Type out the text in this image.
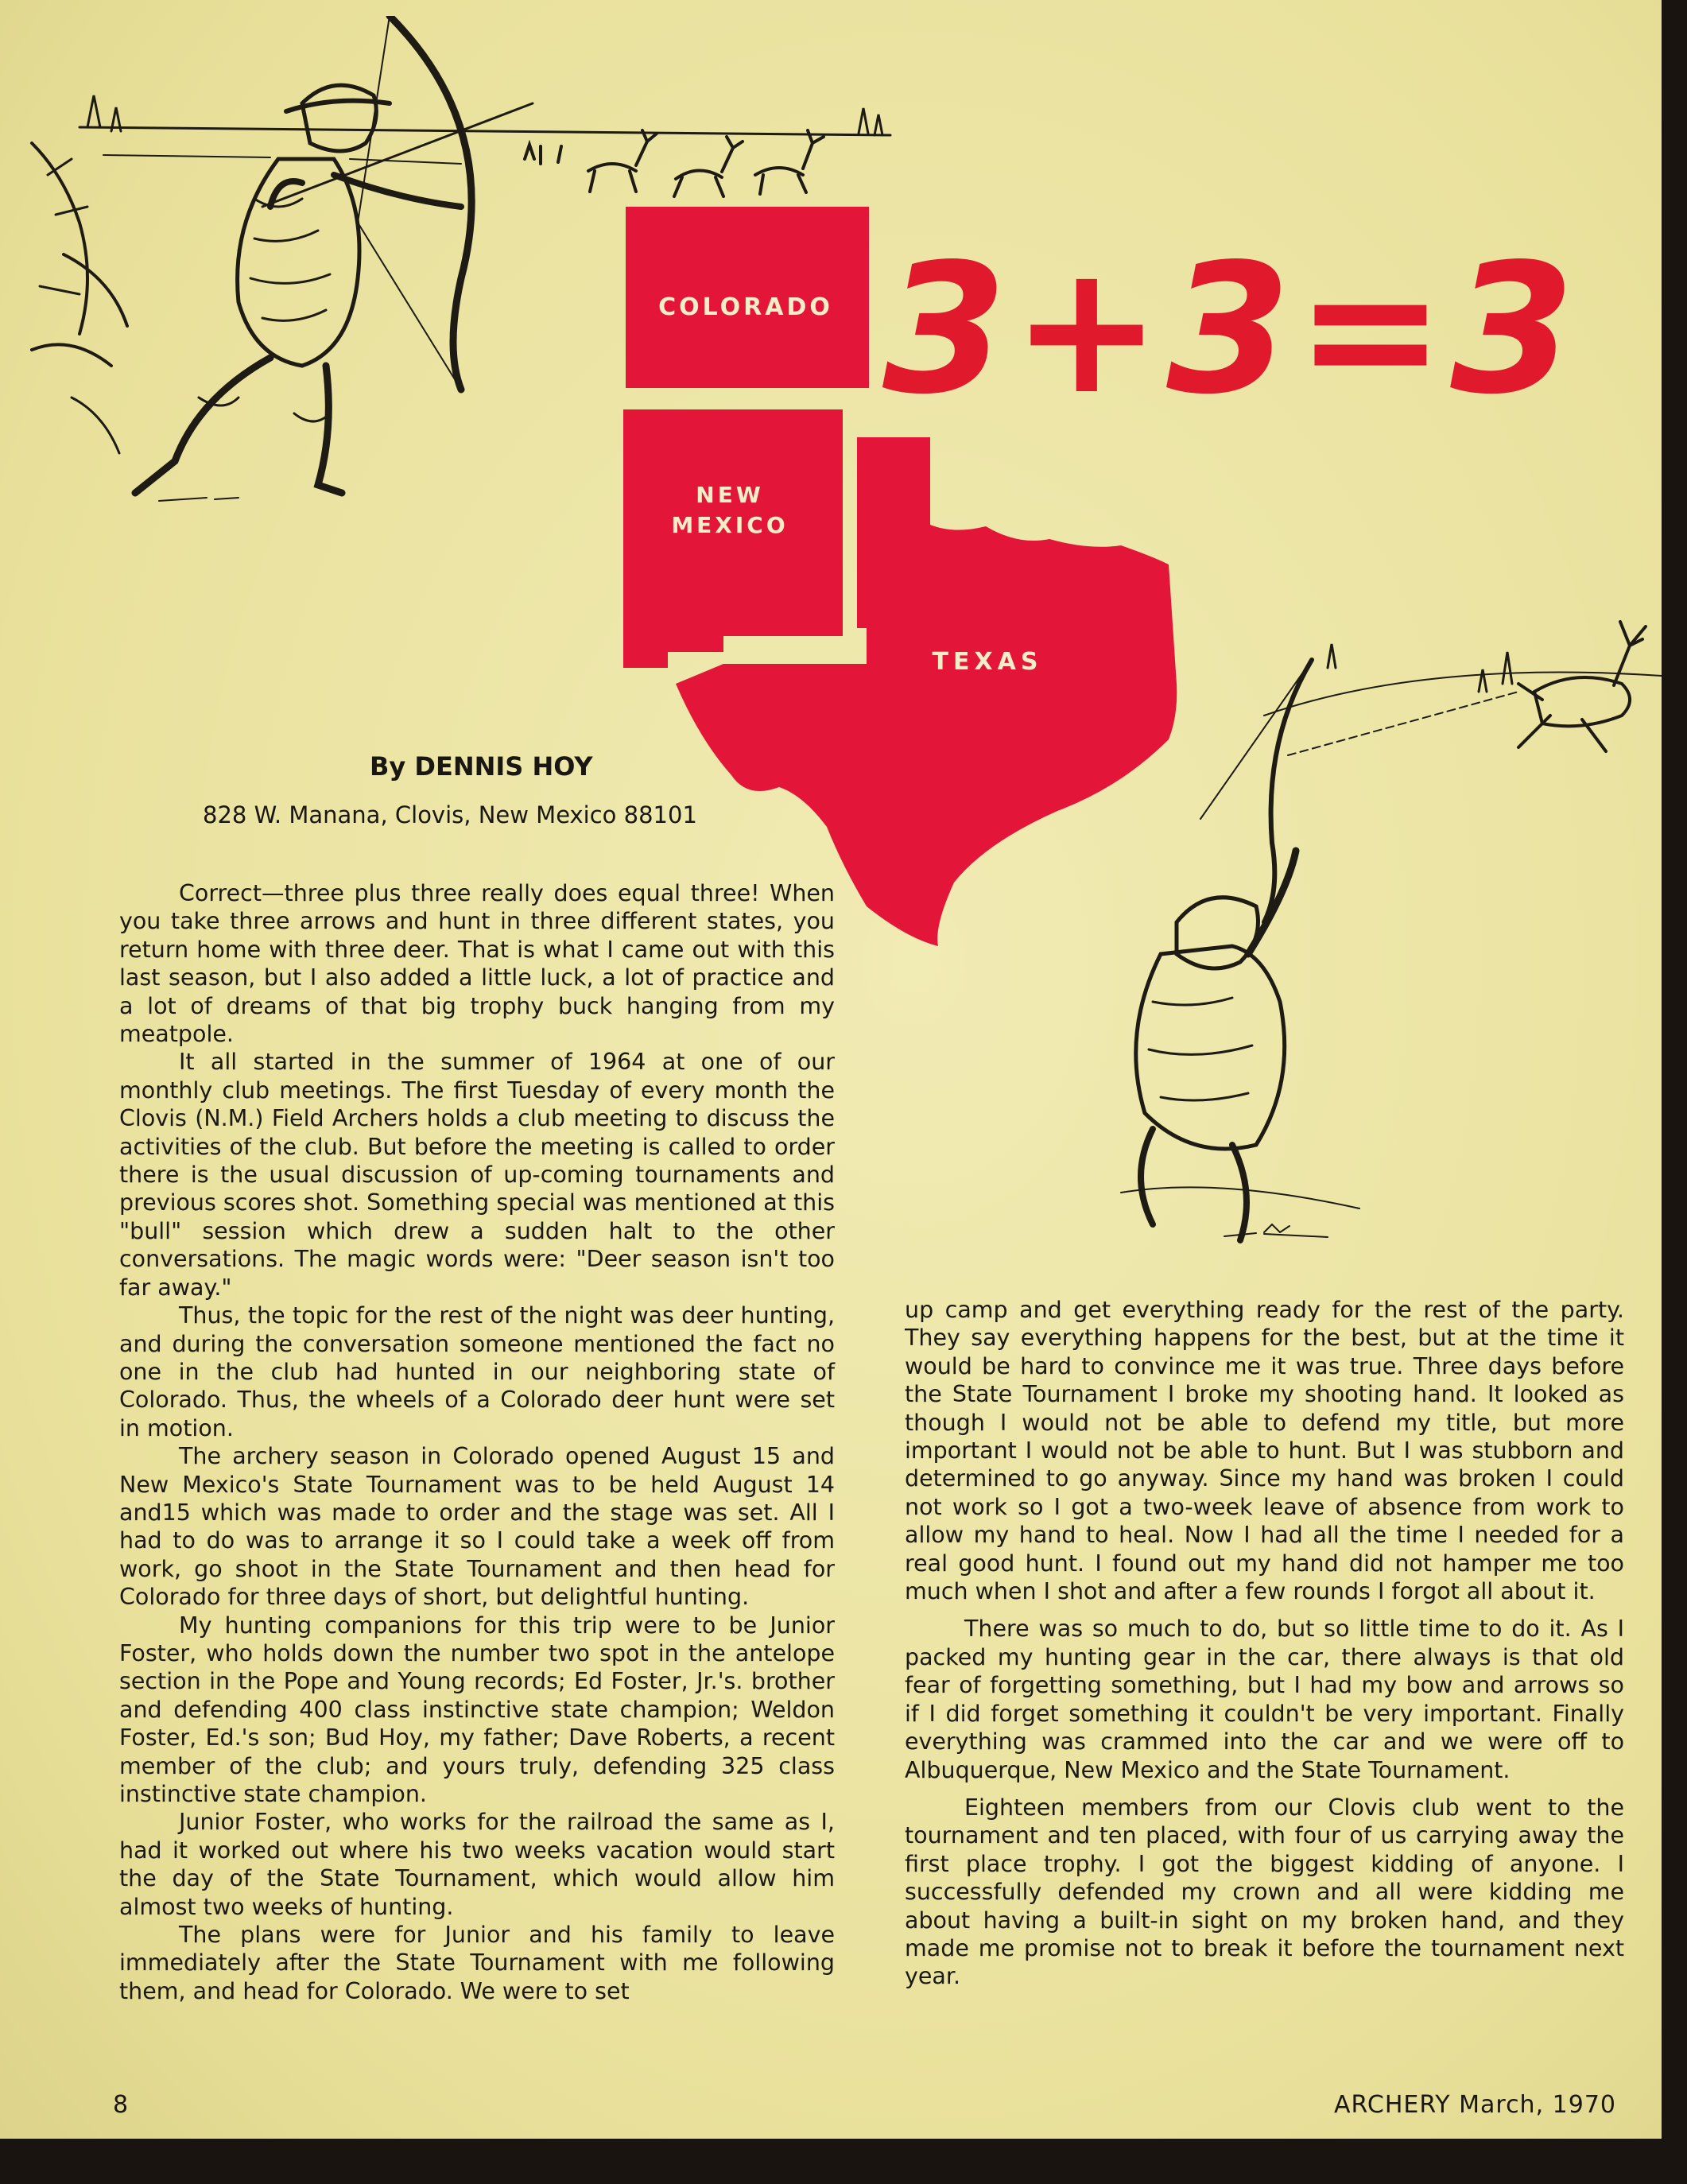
COLORADO
NEW
MEXICO
TEXAS
3+3=3
By DENNIS HOY
828 W. Manana, Clovis, New Mexico 88101

Correct—three plus three really does equal three! When you take three arrows and hunt in three different states, you return home with three deer. That is what I came out with this last season, but I also added a little luck, a lot of practice and a lot of dreams of that big trophy buck hanging from my meatpole.

It all started in the summer of 1964 at one of our monthly club meetings. The first Tuesday of every month the Clovis (N.M.) Field Archers holds a club meeting to discuss the activities of the club. But before the meeting is called to order there is the usual discussion of up-coming tournaments and previous scores shot. Something special was mentioned at this "bull" session which drew a sudden halt to the other conversations. The magic words were: "Deer season isn't too far away."

Thus, the topic for the rest of the night was deer hunting, and during the conversation someone mentioned the fact no one in the club had hunted in our neighboring state of Colorado. Thus, the wheels of a Colorado deer hunt were set in motion.

The archery season in Colorado opened August 15 and New Mexico's State Tournament was to be held August 14 and15 which was made to order and the stage was set. All I had to do was to arrange it so I could take a week off from work, go shoot in the State Tournament and then head for Colorado for three days of short, but delightful hunting.

My hunting companions for this trip were to be Junior Foster, who holds down the number two spot in the antelope section in the Pope and Young records; Ed Foster, Jr.'s. brother and defending 400 class instinctive state champion; Weldon Foster, Ed.'s son; Bud Hoy, my father; Dave Roberts, a recent member of the club; and yours truly, defending 325 class instinctive state champion.

Junior Foster, who works for the railroad the same as I, had it worked out where his two weeks vacation would start the day of the State Tournament, which would allow him almost two weeks of hunting.

The plans were for Junior and his family to leave immediately after the State Tournament with me following them, and head for Colorado. We were to set

up camp and get everything ready for the rest of the party. They say everything happens for the best, but at the time it would be hard to convince me it was true. Three days before the State Tournament I broke my shooting hand. It looked as though I would not be able to defend my title, but more important I would not be able to hunt. But I was stubborn and determined to go anyway. Since my hand was broken I could not work so I got a two-week leave of absence from work to allow my hand to heal. Now I had all the time I needed for a real good hunt. I found out my hand did not hamper me too much when I shot and after a few rounds I forgot all about it.

There was so much to do, but so little time to do it. As I packed my hunting gear in the car, there always is that old fear of forgetting something, but I had my bow and arrows so if I did forget something it couldn't be very important. Finally everything was crammed into the car and we were off to Albuquerque, New Mexico and the State Tournament.

Eighteen members from our Clovis club went to the tournament and ten placed, with four of us carrying away the first place trophy. I got the biggest kidding of anyone. I successfully defended my crown and all were kidding me about having a built-in sight on my broken hand, and they made me promise not to break it before the tournament next year.

8	ARCHERY March, 1970
